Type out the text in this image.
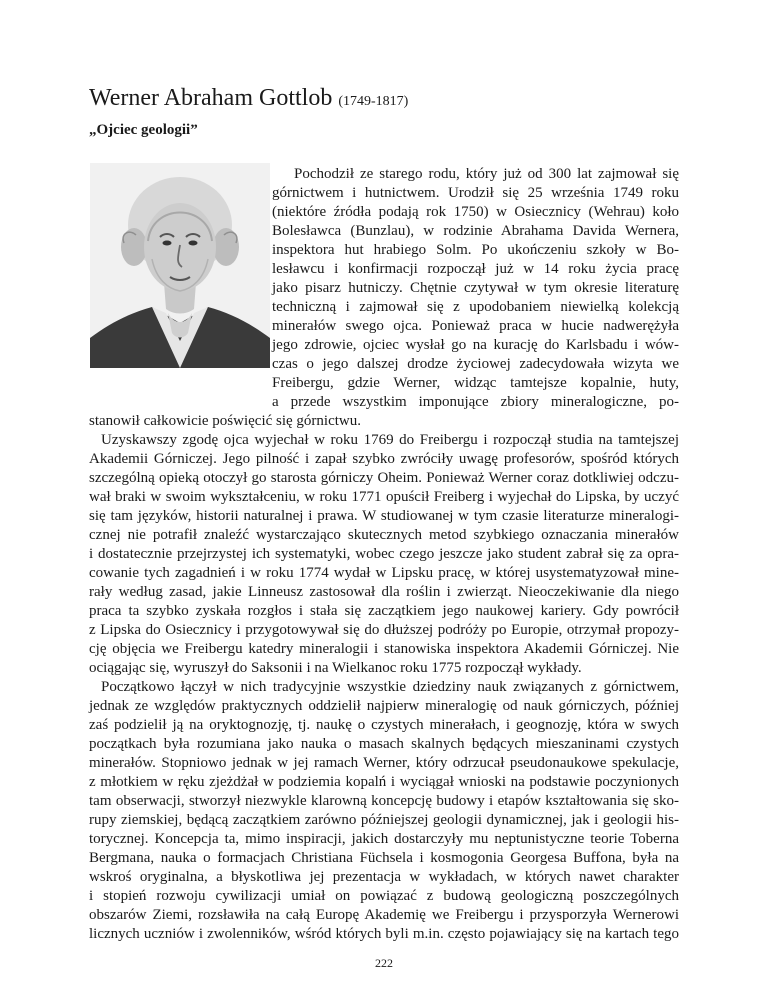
Werner Abraham Gottlob (1749-1817)

„Ojciec geologii”

Pochodził ze starego rodu, który już od 300 lat zajmował się

górnictwem i hutnictwem. Urodził się 25 września 1749 roku

(niektóre źródła podają rok 1750) w Osiecznicy (Wehrau) koło

Bolesławca (Bunzlau), w rodzinie Abrahama Davida Wernera,

inspektora hut hrabiego Solm. Po ukończeniu szkoły w Bo-

lesławcu i konfirmacji rozpoczął już w 14 roku życia pracę

jako pisarz hutniczy. Chętnie czytywał w tym okresie literaturę

techniczną i zajmował się z upodobaniem niewielką kolekcją

minerałów swego ojca. Ponieważ praca w hucie nadwerężyła

jego zdrowie, ojciec wysłał go na kurację do Karlsbadu i wów-

czas o jego dalszej drodze życiowej zadecydowała wizyta we

Freibergu, gdzie Werner, widząc tamtejsze kopalnie, huty,

a przede wszystkim imponujące zbiory mineralogiczne, po-

stanowił całkowicie poświęcić się górnictwu.

Uzyskawszy zgodę ojca wyjechał w roku 1769 do Freibergu i rozpoczął studia na tamtejszej

Akademii Górniczej. Jego pilność i zapał szybko zwróciły uwagę profesorów, spośród których

szczególną opieką otoczył go starosta górniczy Oheim. Ponieważ Werner coraz dotkliwiej odczu-

wał braki w swoim wykształceniu, w roku 1771 opuścił Freiberg i wyjechał do Lipska, by uczyć

się tam języków, historii naturalnej i prawa. W studiowanej w tym czasie literaturze mineralogi-

cznej nie potrafił znaleźć wystarczająco skutecznych metod szybkiego oznaczania minerałów

i dostatecznie przejrzystej ich systematyki, wobec czego jeszcze jako student zabrał się za opra-

cowanie tych zagadnień i w roku 1774 wydał w Lipsku pracę, w której usystematyzował mine-

rały według zasad, jakie Linneusz zastosował dla roślin i zwierząt. Nieoczekiwanie dla niego

praca ta szybko zyskała rozgłos i stała się zaczątkiem jego naukowej kariery. Gdy powrócił

z Lipska do Osiecznicy i przygotowywał się do dłuższej podróży po Europie, otrzymał propozy-

cję objęcia we Freibergu katedry mineralogii i stanowiska inspektora Akademii Górniczej. Nie

ociągając się, wyruszył do Saksonii i na Wielkanoc roku 1775 rozpoczął wykłady.

Początkowo łączył w nich tradycyjnie wszystkie dziedziny nauk związanych z górnictwem,

jednak ze względów praktycznych oddzielił najpierw mineralogię od nauk górniczych, później

zaś podzielił ją na oryktognozję, tj. naukę o czystych minerałach, i geognozję, która w swych

początkach była rozumiana jako nauka o masach skalnych będących mieszaninami czystych

minerałów. Stopniowo jednak w jej ramach Werner, który odrzucał pseudonaukowe spekulacje,

z młotkiem w ręku zjeżdżał w podziemia kopalń i wyciągał wnioski na podstawie poczynionych

tam obserwacji, stworzył niezwykle klarowną koncepcję budowy i etapów kształtowania się sko-

rupy ziemskiej, będącą zaczątkiem zarówno późniejszej geologii dynamicznej, jak i geologii his-

torycznej. Koncepcja ta, mimo inspiracji, jakich dostarczyły mu neptunistyczne teorie Toberna

Bergmana, nauka o formacjach Christiana Füchsela i kosmogonia Georgesa Buffona, była na

wskroś oryginalna, a błyskotliwa jej prezentacja w wykładach, w których nawet charakter

i stopień rozwoju cywilizacji umiał on powiązać z budową geologiczną poszczególnych

obszarów Ziemi, rozsławiła na całą Europę Akademię we Freibergu i przysporzyła Wernerowi

licznych uczniów i zwolenników, wśród których byli m.in. często pojawiający się na kartach tego

222
